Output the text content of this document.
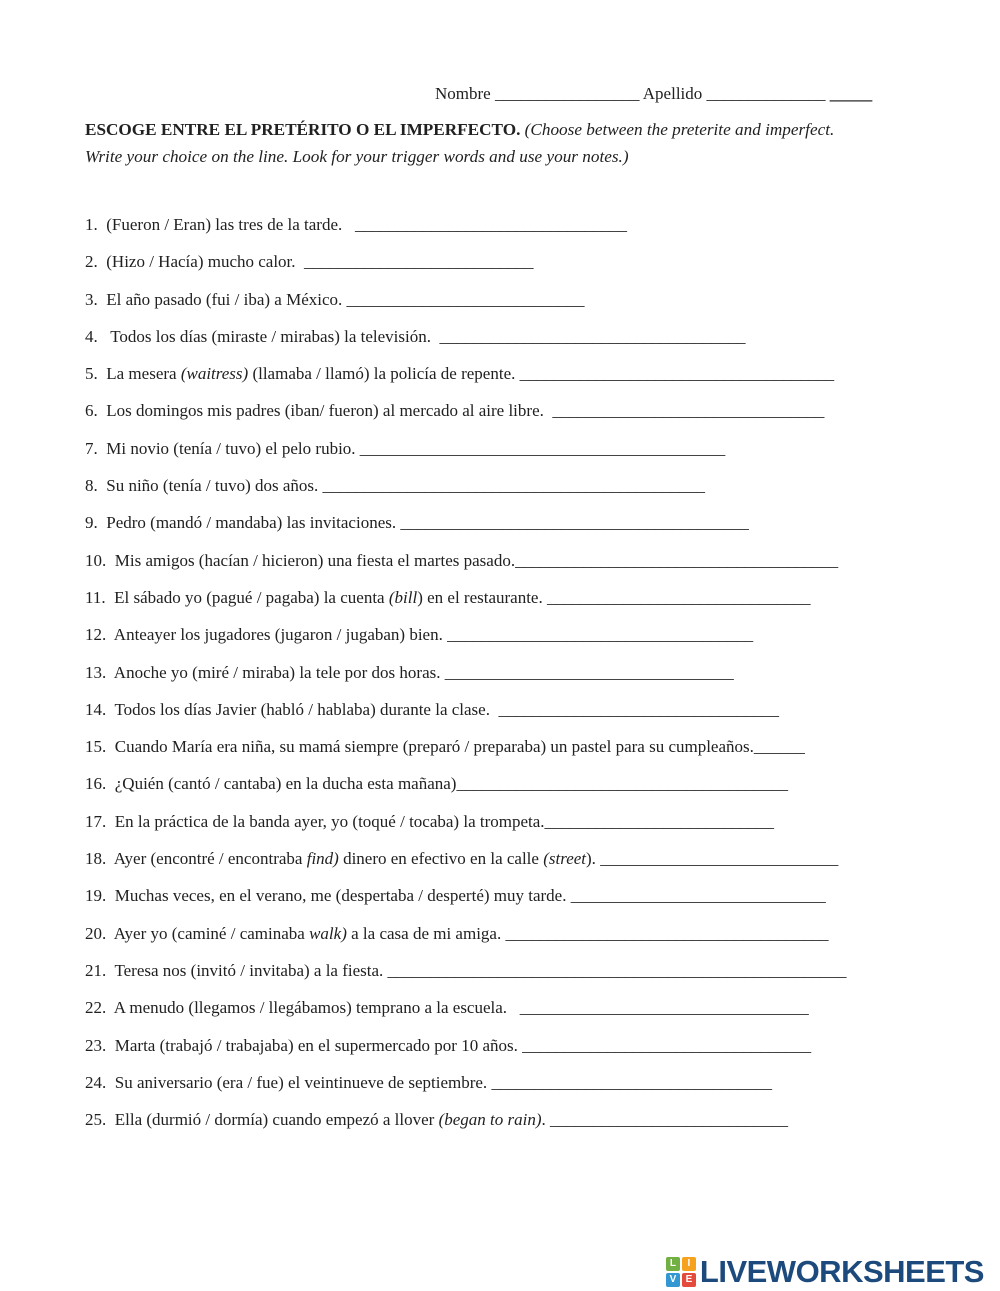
Nombre _________________ Apellido ______________ _____
ESCOGE ENTRE EL PRETÉRITO O EL IMPERFECTO. (Choose between the preterite and imperfect.
Write your choice on the line. Look for your trigger words and use your notes.)
1.  (Fueron / Eran) las tres de la tarde.   ________________________________
2.  (Hizo / Hacía) mucho calor.  ___________________________
3.  El año pasado (fui / iba) a México. ____________________________
4.   Todos los días (miraste / mirabas) la televisión.  ____________________________________
5.  La mesera (waitress) (llamaba / llamó) la policía de repente. _____________________________________
6.  Los domingos mis padres (iban/ fueron) al mercado al aire libre.  ________________________________
7.  Mi novio (tenía / tuvo) el pelo rubio. ___________________________________________
8.  Su niño (tenía / tuvo) dos años. _____________________________________________
9.  Pedro (mandó / mandaba) las invitaciones. _________________________________________
10.  Mis amigos (hacían / hicieron) una fiesta el martes pasado.______________________________________
11.  El sábado yo (pagué / pagaba) la cuenta (bill) en el restaurante. _______________________________
12.  Anteayer los jugadores (jugaron / jugaban) bien. ____________________________________
13.  Anoche yo (miré / miraba) la tele por dos horas. __________________________________
14.  Todos los días Javier (habló / hablaba) durante la clase.  _________________________________
15.  Cuando María era niña, su mamá siempre (preparó / preparaba) un pastel para su cumpleaños.______
16.  ¿Quién (cantó / cantaba) en la ducha esta mañana)_______________________________________
17.  En la práctica de la banda ayer, yo (toqué / tocaba) la trompeta.___________________________
18.  Ayer (encontré / encontraba find) dinero en efectivo en la calle (street). ____________________________
19.  Muchas veces, en el verano, me (despertaba / desperté) muy tarde. ______________________________
20.  Ayer yo (caminé / caminaba walk) a la casa de mi amiga. ______________________________________
21.  Teresa nos (invitó / invitaba) a la fiesta. ______________________________________________________
22.  A menudo (llegamos / llegábamos) temprano a la escuela.   __________________________________
23.  Marta (trabajó / trabajaba) en el supermercado por 10 años. __________________________________
24.  Su aniversario (era / fue) el veintinueve de septiembre. _________________________________
25.  Ella (durmió / dormía) cuando empezó a llover (began to rain). ____________________________
L	I
V E LIVEWORKSHEETS
